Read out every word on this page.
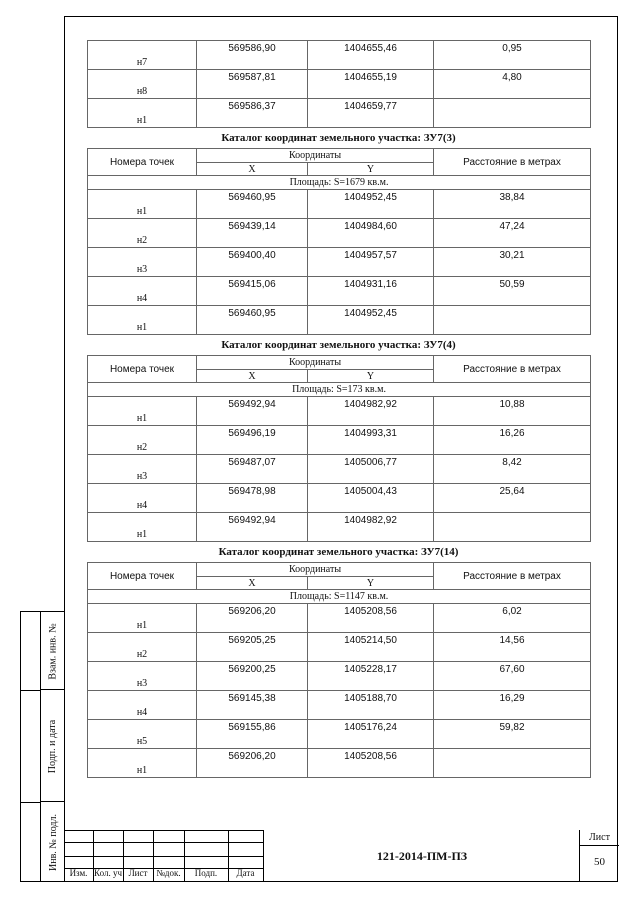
Взам. инв. №
Подп. и дата
Инв. № подл.
н7	569586,90	1404655,46	0,95
н8	569587,81	1404655,19	4,80
н1	569586,37	1404659,77	
Каталог координат земельного участка: ЗУ7(3)
Номера точек	Координаты		Расстояние в метрах
	X	Y	
Площадь: S=1679 кв.м.			
н1	569460,95	1404952,45	38,84
н2	569439,14	1404984,60	47,24
н3	569400,40	1404957,57	30,21
н4	569415,06	1404931,16	50,59
н1	569460,95	1404952,45	
Каталог координат земельного участка: ЗУ7(4)
Номера точек	Координаты		Расстояние в метрах
	X	Y	
Площадь: S=173 кв.м.			
н1	569492,94	1404982,92	10,88
н2	569496,19	1404993,31	16,26
н3	569487,07	1405006,77	8,42
н4	569478,98	1405004,43	25,64
н1	569492,94	1404982,92	
Каталог координат земельного участка: ЗУ7(14)
Номера точек	Координаты		Расстояние в метрах
	X	Y	
Площадь: S=1147 кв.м.			
н1	569206,20	1405208,56	6,02
н2	569205,25	1405214,50	14,56
н3	569200,25	1405228,17	67,60
н4	569145,38	1405188,70	16,29
н5	569155,86	1405176,24	59,82
н1	569206,20	1405208,56	
Изм. Кол. уч Лист №док.	Подп.	Дата
121-2014-ПМ-ПЗ
Лист
50
